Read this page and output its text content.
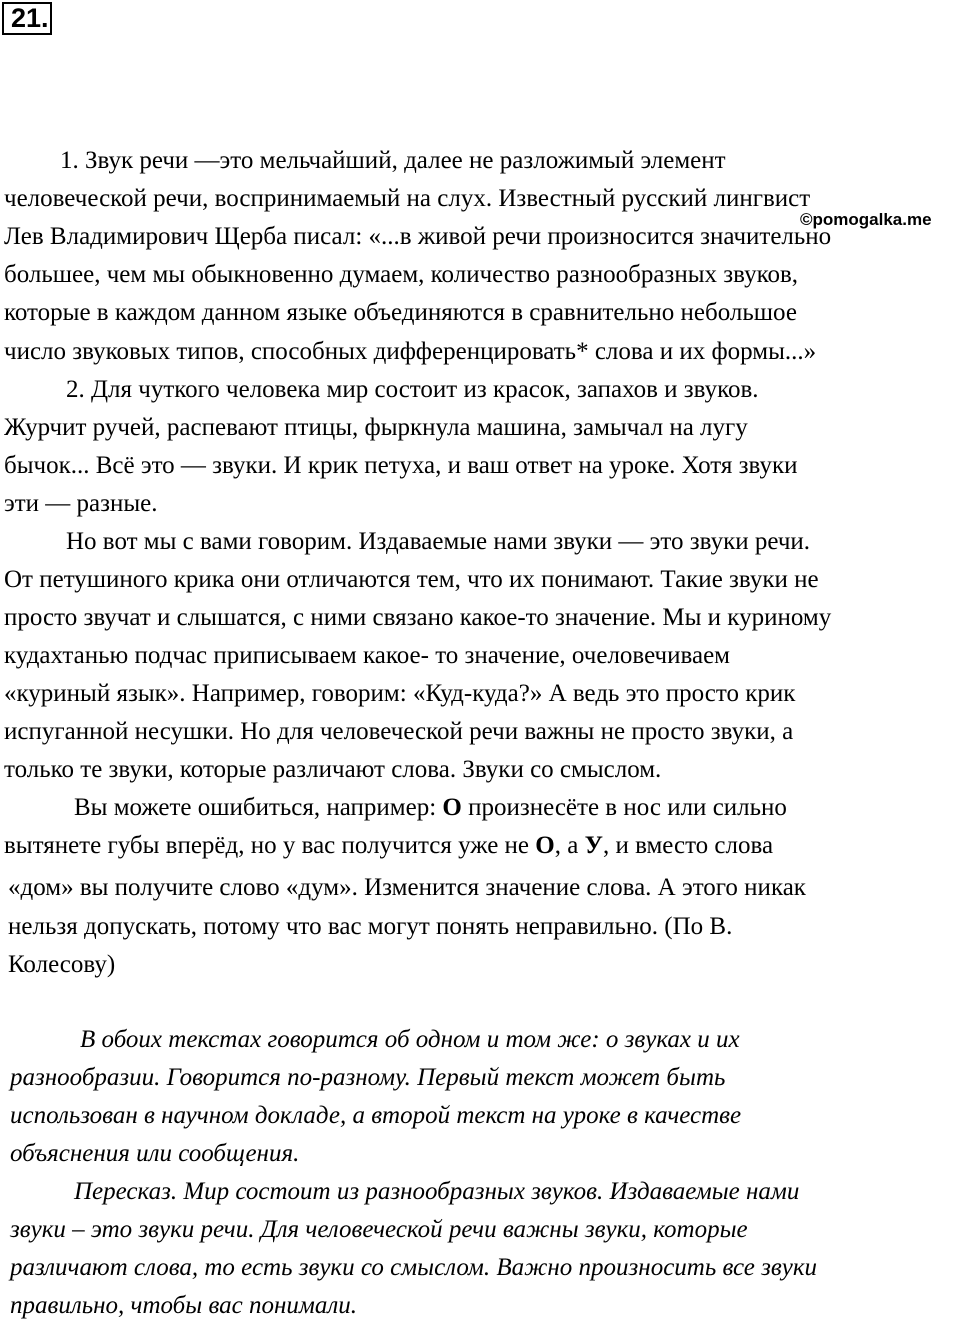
21.
©pomogalka.me
1. Звук речи —это мельчайший, далее не разложимый элемент
человеческой речи, воспринимаемый на слух. Известный русский лингвист
Лев Владимирович Щерба писал: «...в живой речи произносится значительно
большее, чем мы обыкновенно думаем, количество разнообразных звуков,
которые в каждом данном языке объединяются в сравнительно небольшое
число звуковых типов, способных дифференцировать* слова и их формы...»
2. Для чуткого человека мир состоит из красок, запахов и звуков.
Журчит ручей, распевают птицы, фыркнула машина, замычал на лугу
бычок... Всё это — звуки. И крик петуха, и ваш ответ на уроке. Хотя звуки
эти — разные.
Но вот мы с вами говорим. Издаваемые нами звуки — это звуки речи.
От петушиного крика они отличаются тем, что их понимают. Такие звуки не
просто звучат и слышатся, с ними связано какое-то значение. Мы и куриному
кудахтанью подчас приписываем какое- то значение, очеловечиваем
«куриный язык». Например, говорим: «Куд-куда?» А ведь это просто крик
испуганной несушки. Но для человеческой речи важны не просто звуки, а
только те звуки, которые различают слова. Звуки со смыслом.
Вы можете ошибиться, например: О произнесёте в нос или сильно
вытянете губы вперёд, но у вас получится уже не О, а У, и вместо слова
«дом» вы получите слово «дум». Изменится значение слова. А этого никак
нельзя допускать, потому что вас могут понять неправильно. (По В.
Колесову)
В обоих текстах говорится об одном и том же: о звуках и их
разнообразии. Говорится по-разному. Первый текст может быть
использован в научном докладе, а второй текст на уроке в качестве
объяснения или сообщения.
Пересказ. Мир состоит из разнообразных звуков. Издаваемые нами
звуки – это звуки речи. Для человеческой речи важны звуки, которые
различают слова, то есть звуки со смыслом. Важно произносить все звуки
правильно, чтобы вас понимали.
